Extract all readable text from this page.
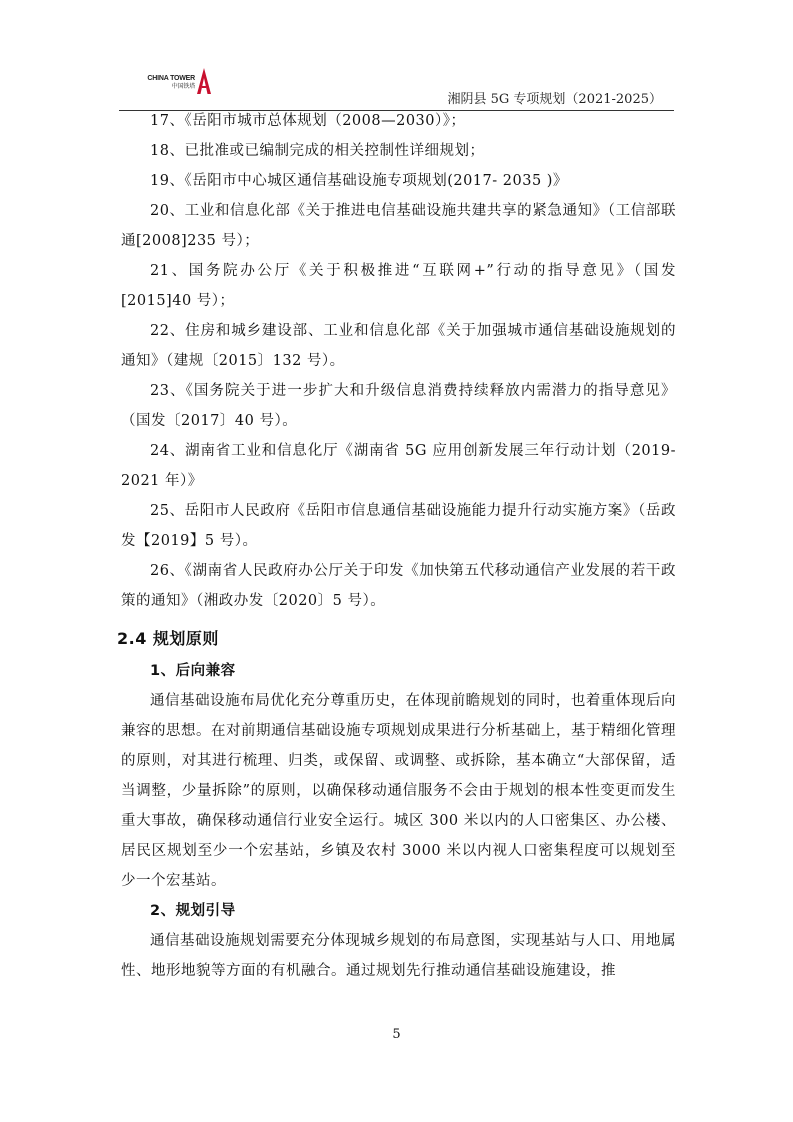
CHINA TOWER
中国铁塔
湘阴县 5G 专项规划（2021-2025）

17、《岳阳市城市总体规划（2008—2030）》；

18、已批准或已编制完成的相关控制性详细规划；

19、《岳阳市中心城区通信基础设施专项规划(2017- 2035 )》

20、工业和信息化部《关于推进电信基础设施共建共享的紧急通知》（工信部联通[2008]235 号）；

21、国务院办公厅《关于积极推进“互联网+”行动的指导意见》（国发[2015]40 号）；

22、住房和城乡建设部、工业和信息化部《关于加强城市通信基础设施规划的通知》（建规〔2015〕132 号）。

23、《国务院关于进一步扩大和升级信息消费持续释放内需潜力的指导意见》（国发〔2017〕40 号）。

24、湖南省工业和信息化厅《湖南省 5G 应用创新发展三年行动计划（2019-2021 年）》

25、岳阳市人民政府《岳阳市信息通信基础设施能力提升行动实施方案》（岳政发【2019】5 号）。

26、《湖南省人民政府办公厅关于印发《加快第五代移动通信产业发展的若干政策的通知》（湘政办发〔2020〕5 号）。

2.4 规划原则

1、后向兼容

通信基础设施布局优化充分尊重历史，在体现前瞻规划的同时，也着重体现后向兼容的思想。在对前期通信基础设施专项规划成果进行分析基础上，基于精细化管理的原则，对其进行梳理、归类，或保留、或调整、或拆除，基本确立“大部保留，适当调整，少量拆除”的原则，以确保移动通信服务不会由于规划的根本性变更而发生重大事故，确保移动通信行业安全运行。城区 300 米以内的人口密集区、办公楼、居民区规划至少一个宏基站，乡镇及农村 3000 米以内视人口密集程度可以规划至少一个宏基站。

2、规划引导

通信基础设施规划需要充分体现城乡规划的布局意图，实现基站与人口、用地属性、地形地貌等方面的有机融合。通过规划先行推动通信基础设施建设，推

5
